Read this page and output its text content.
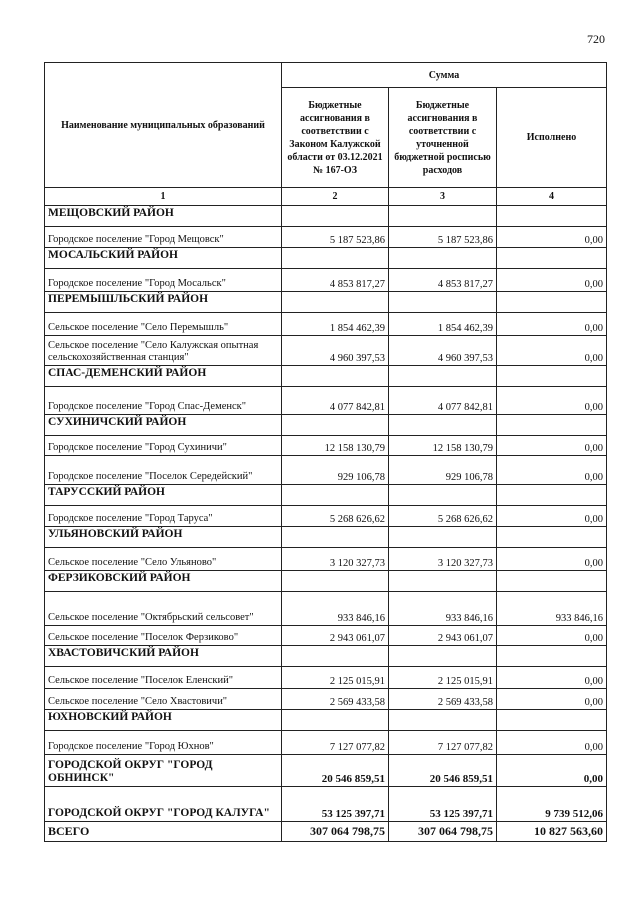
720
Наименование муниципальных образований	Сумма		
	Бюджетные ассигнования в соответствии с Законом Калужской области от 03.12.2021 № 167-ОЗ	Бюджетные ассигнования в соответствии с уточненной бюджетной росписью расходов	Исполнено
1	2	3	4
МЕЩОВСКИЙ РАЙОН			
Городское поселение "Город Мещовск"	5 187 523,86	5 187 523,86	0,00
МОСАЛЬСКИЙ РАЙОН			
Городское поселение "Город Мосальск"	4 853 817,27	4 853 817,27	0,00
ПЕРЕМЫШЛЬСКИЙ РАЙОН			
Сельское поселение "Село Перемышль"	1 854 462,39	1 854 462,39	0,00
Сельское поселение "Село Калужская опытная сельскохозяйственная станция"	4 960 397,53	4 960 397,53	0,00
СПАС-ДЕМЕНСКИЙ РАЙОН			
Городское поселение "Город Спас-Деменск"	4 077 842,81	4 077 842,81	0,00
СУХИНИЧСКИЙ РАЙОН			
Городское поселение "Город Сухиничи"	12 158 130,79	12 158 130,79	0,00
Городское поселение "Поселок Середейский"	929 106,78	929 106,78	0,00
ТАРУССКИЙ РАЙОН			
Городское поселение "Город Таруса"	5 268 626,62	5 268 626,62	0,00
УЛЬЯНОВСКИЙ РАЙОН			
Сельское поселение "Село Ульяново"	3 120 327,73	3 120 327,73	0,00
ФЕРЗИКОВСКИЙ РАЙОН			
Сельское поселение "Октябрьский сельсовет"	933 846,16	933 846,16	933 846,16
Сельское поселение "Поселок Ферзиково"	2 943 061,07	2 943 061,07	0,00
ХВАСТОВИЧСКИЙ РАЙОН			
Сельское поселение "Поселок Еленский"	2 125 015,91	2 125 015,91	0,00
Сельское поселение "Село Хвастовичи"	2 569 433,58	2 569 433,58	0,00
ЮХНОВСКИЙ РАЙОН			
Городское поселение "Город Юхнов"	7 127 077,82	7 127 077,82	0,00
ГОРОДСКОЙ ОКРУГ "ГОРОД ОБНИНСК"	20 546 859,51	20 546 859,51	0,00
ГОРОДСКОЙ ОКРУГ "ГОРОД КАЛУГА"	53 125 397,71	53 125 397,71	9 739 512,06
ВСЕГО	307 064 798,75	307 064 798,75	10 827 563,60
